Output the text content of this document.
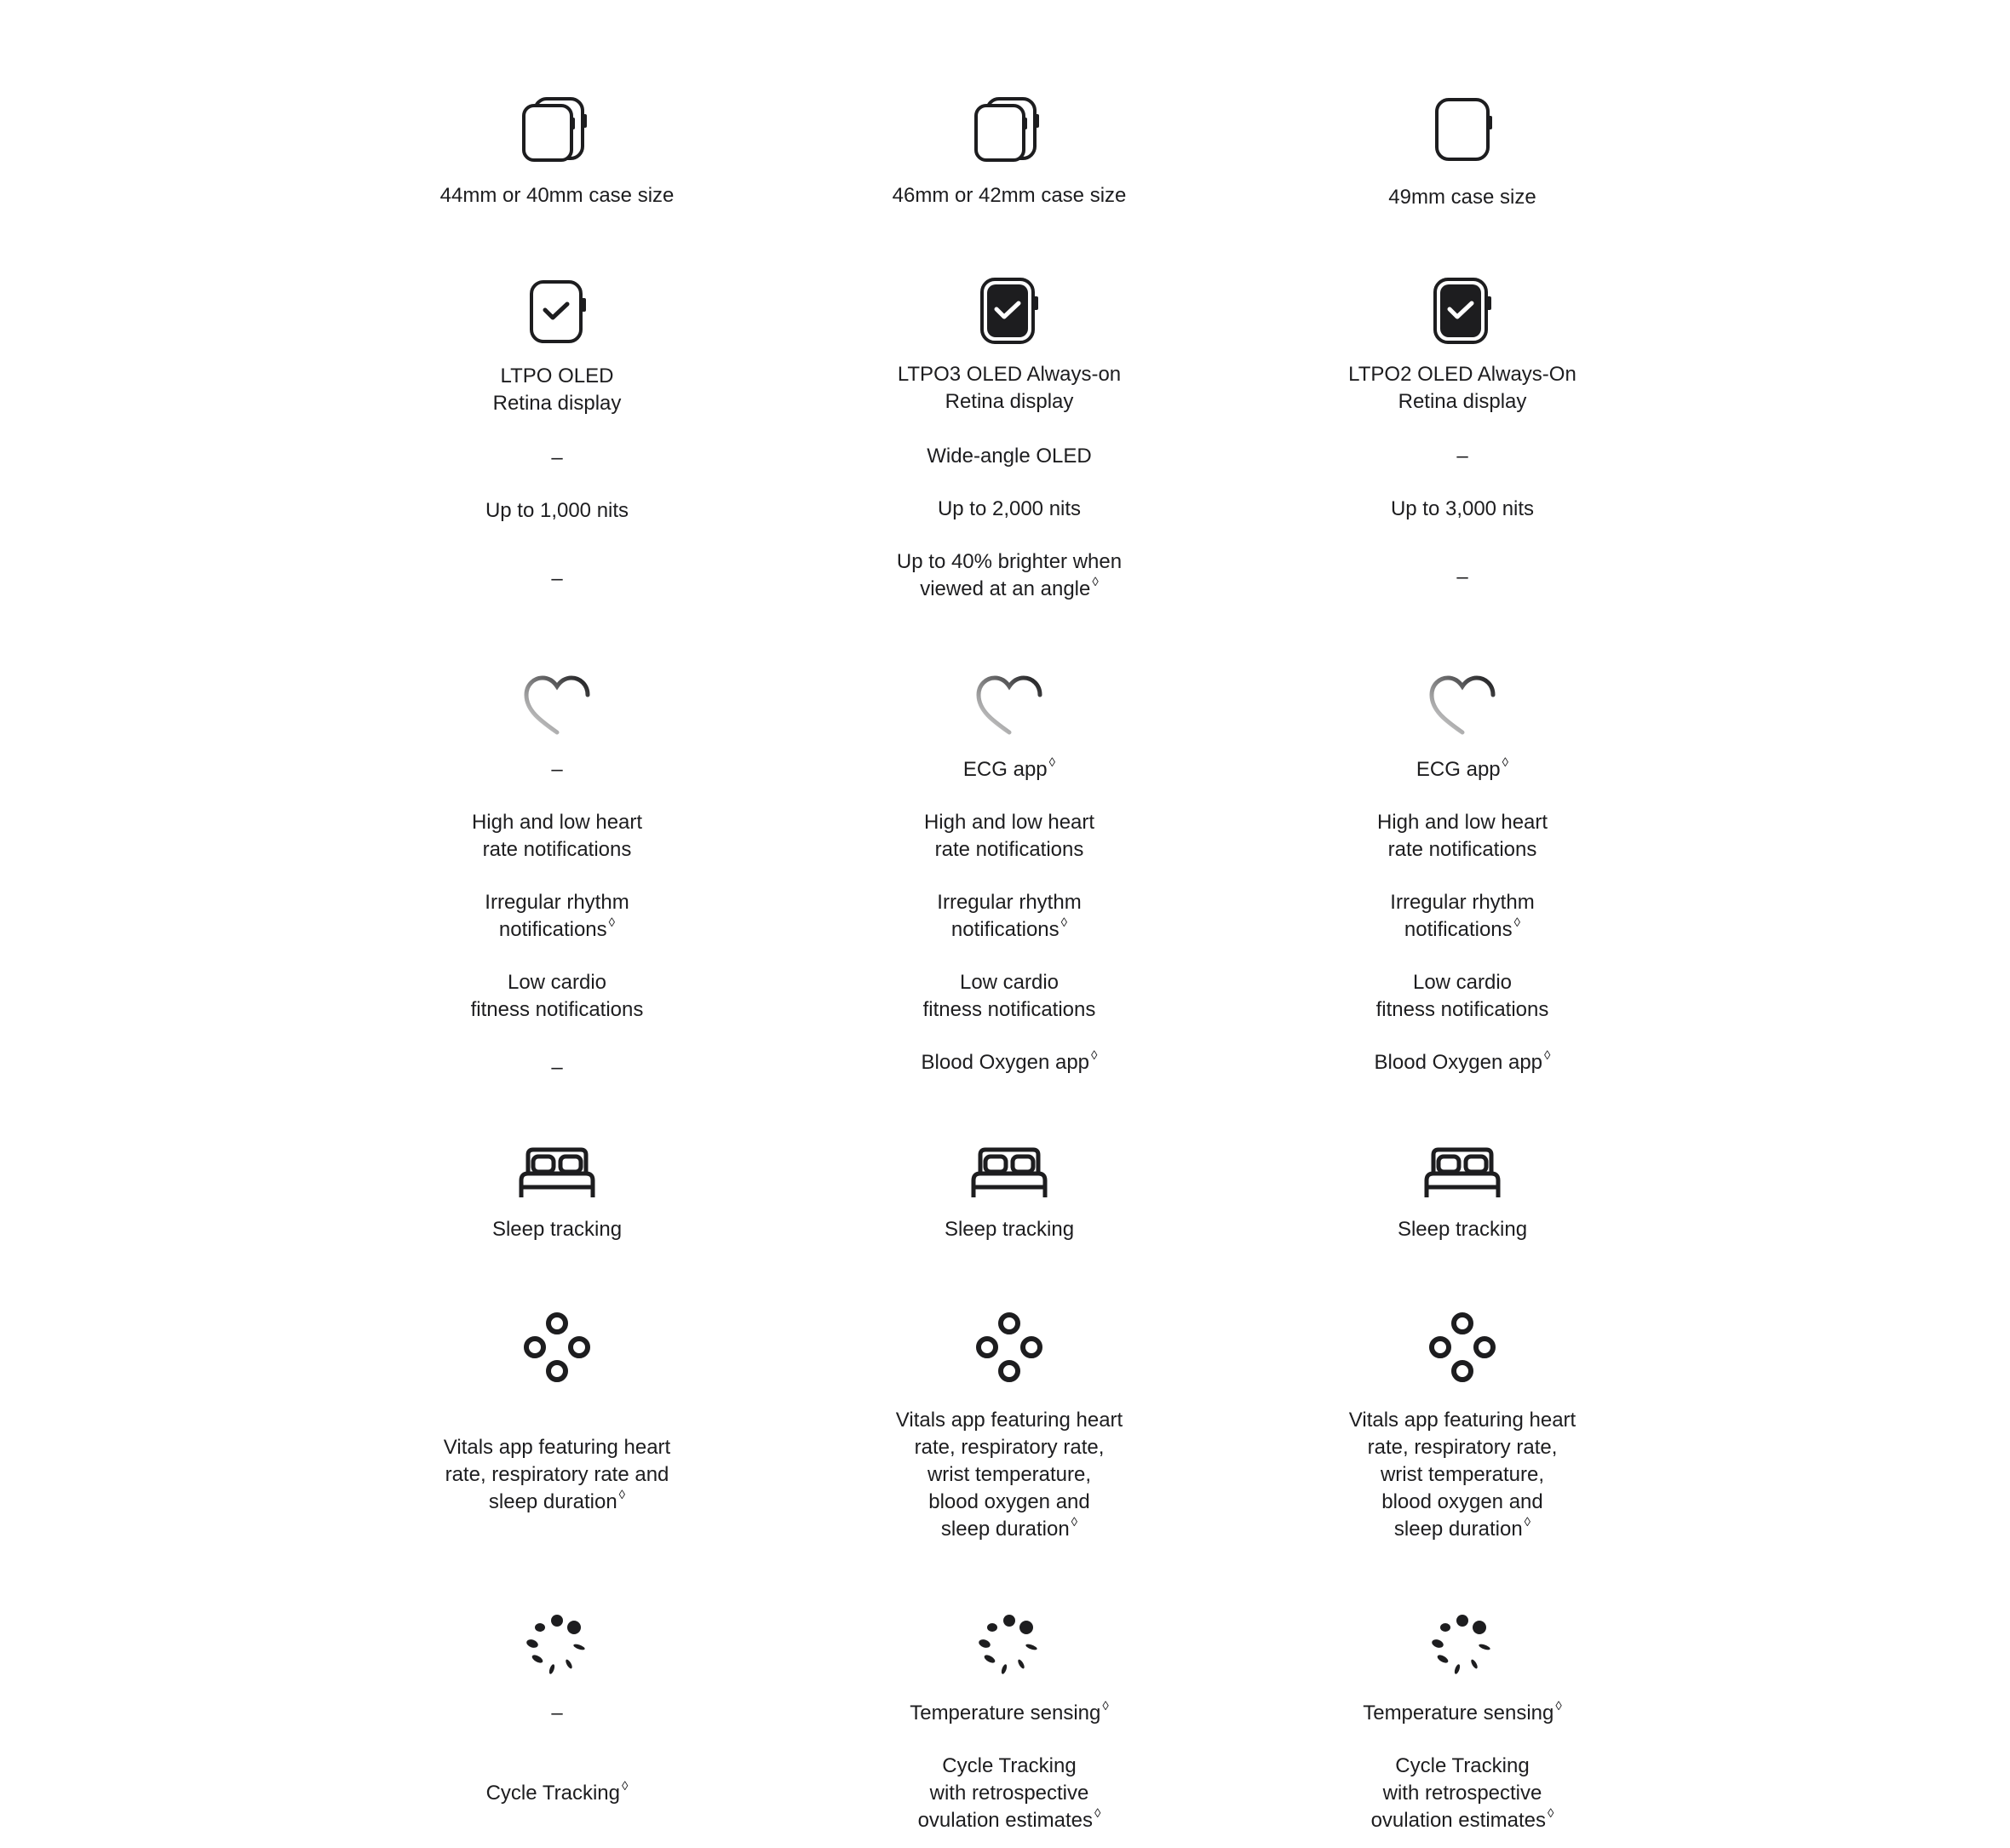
44mm or 40mm case size
LTPO OLED
Retina display
–
Up to 1,000 nits
–
–
High and low heart
rate notifications
Irregular rhythm
notifications ◊
Low cardio
fitness notifications
–
Sleep tracking
Vitals app featuring heart
rate, respiratory rate and
sleep duration ◊
–
Cycle Tracking ◊
46mm or 42mm case size
LTPO3 OLED Always-on
Retina display
Wide-angle OLED
Up to 2,000 nits
Up to 40% brighter when
viewed at an angle ◊
ECG app ◊
High and low heart
rate notifications
Irregular rhythm
notifications ◊
Low cardio
fitness notifications
Blood Oxygen app ◊
Sleep tracking
Vitals app featuring heart
rate, respiratory rate,
wrist temperature,
blood oxygen and
sleep duration ◊
Temperature sensing ◊
Cycle Tracking
with retrospective
ovulation estimates ◊
49mm case size
LTPO2 OLED Always-On
Retina display
–
Up to 3,000 nits
–
ECG app ◊
High and low heart
rate notifications
Irregular rhythm
notifications ◊
Low cardio
fitness notifications
Blood Oxygen app ◊
Sleep tracking
Vitals app featuring heart
rate, respiratory rate,
wrist temperature,
blood oxygen and
sleep duration ◊
Temperature sensing ◊
Cycle Tracking
with retrospective
ovulation estimates ◊
